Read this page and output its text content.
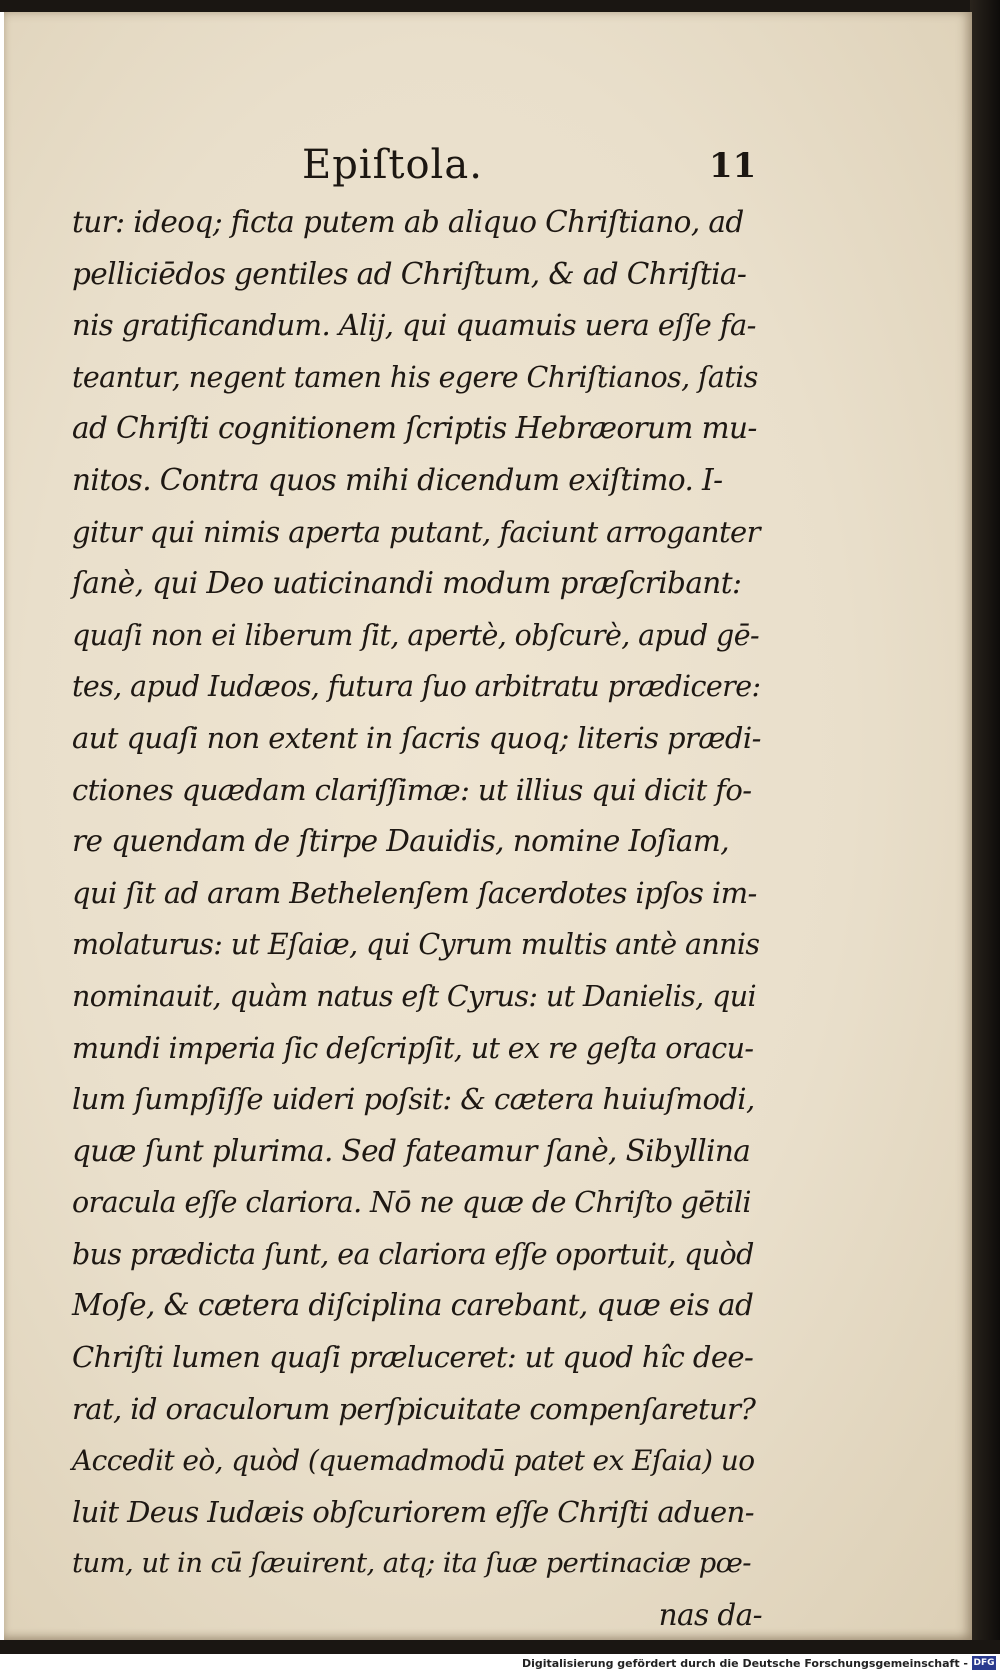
Epiſtola.	11
tur: ideoq; ficta putem ab aliquo Chriſtiano, ad
pelliciēdos gentiles ad Chriſtum, & ad Chriſtia-
nis gratificandum. Alij, qui quamuis uera eſſe fa-
teantur, negent tamen his egere Chriſtianos, ſatis
ad Chriſti cognitionem ſcriptis Hebræorum mu-
nitos. Contra quos mihi dicendum exiſtimo. I-
gitur qui nimis aperta putant, faciunt arroganter
ſanè, qui Deo uaticinandi modum præſcribant:
quaſi non ei liberum ſit, apertè, obſcurè, apud gē-
tes, apud Iudæos, futura ſuo arbitratu prædicere:
aut quaſi non extent in ſacris quoq; literis prædi-
ctiones quædam clariſſimæ: ut illius qui dicit fo-
re quendam de ſtirpe Dauidis, nomine Ioſiam,
qui ſit ad aram Bethelenſem ſacerdotes ipſos im-
molaturus: ut Eſaiæ, qui Cyrum multis antè annis
nominauit, quàm natus eſt Cyrus: ut Danielis, qui
mundi imperia ſic deſcripſit, ut ex re geſta oracu-
lum ſumpſiſſe uideri poſsit: & cætera huiuſmodi,
quæ ſunt plurima. Sed fateamur ſanè, Sibyllina
oracula eſſe clariora. Nō ne quæ de Chriſto gētili
bus prædicta ſunt, ea clariora eſſe oportuit, quòd
Moſe, & cætera diſciplina carebant, quæ eis ad
Chriſti lumen quaſi præluceret: ut quod hîc dee-
rat, id oraculorum perſpicuitate compenſaretur?
Accedit eò, quòd (quemadmodū patet ex Eſaia) uo
luit Deus Iudæis obſcuriorem eſſe Chriſti aduen-
tum, ut in cū ſæuirent, atq; ita ſuæ pertinaciæ pœ-
nas da-
Digitalisierung gefördert durch die Deutsche Forschungsgemeinschaft - DFG
